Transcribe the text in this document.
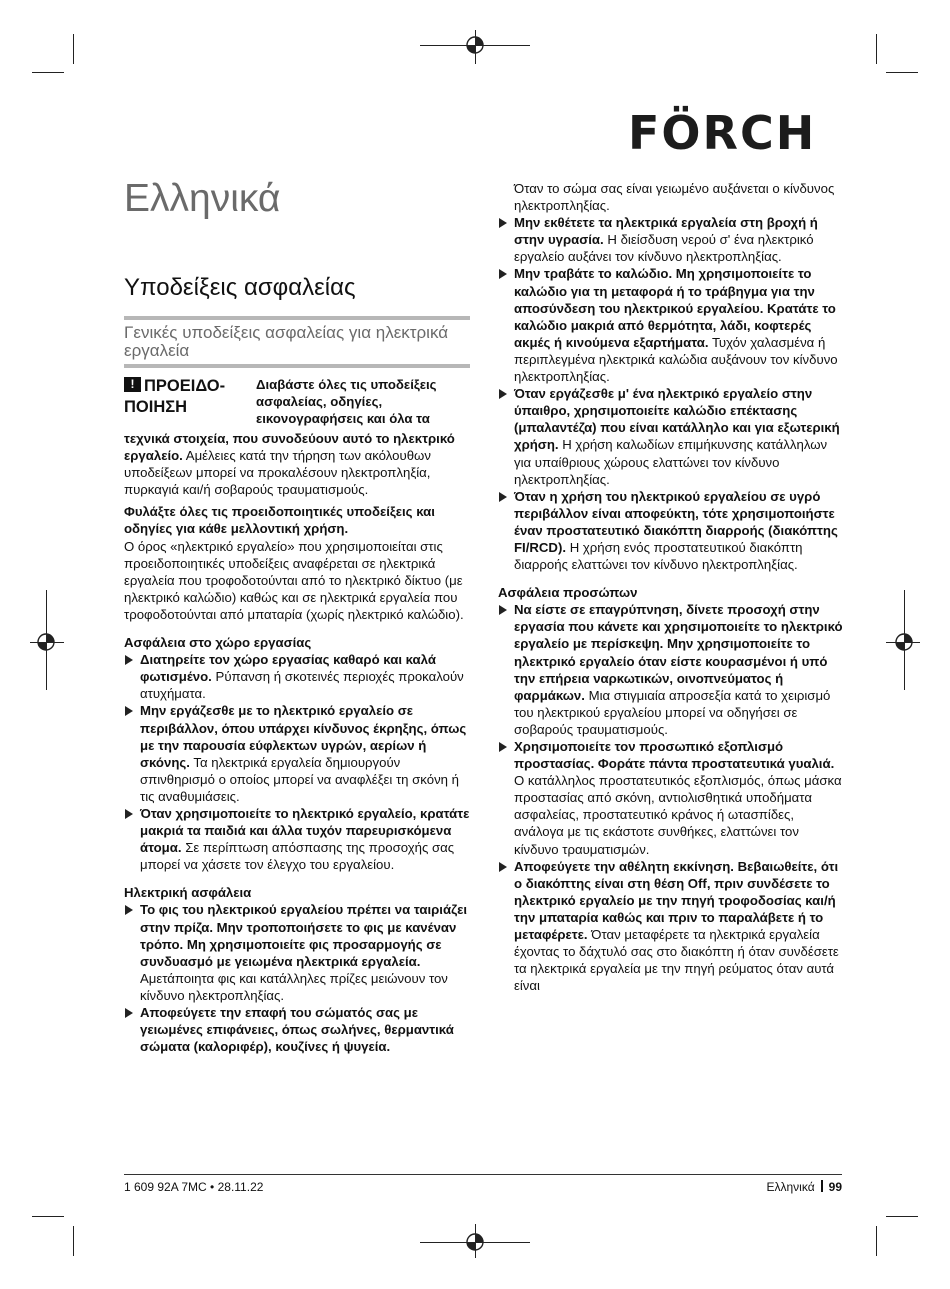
FÖRCH
Ελληνικά
Υποδείξεις ασφαλείας
Γενικές υποδείξεις ασφαλείας για ηλεκτρικά εργαλεία
! ΠΡΟΕΙΔΟ-ΠΟΙΗΣΗ
Διαβάστε όλες τις υποδείξεις ασφαλείας, οδηγίες, εικονογραφήσεις και όλα τα

τεχνικά στοιχεία, που συνοδεύουν αυτό το ηλεκτρικό εργαλείο. Αμέλειες κατά την τήρηση των ακόλουθων υποδείξεων μπορεί να προκαλέσουν ηλεκτροπληξία, πυρκαγιά και/ή σοβαρούς τραυματισμούς.

Φυλάξτε όλες τις προειδοποιητικές υποδείξεις και οδηγίες για κάθε μελλοντική χρήση.

Ο όρος «ηλεκτρικό εργαλείο» που χρησιμοποιείται στις προειδοποιητικές υποδείξεις αναφέρεται σε ηλεκτρικά εργαλεία που τροφοδοτούνται από το ηλεκτρικό δίκτυο (με ηλεκτρικό καλώδιο) καθώς και σε ηλεκτρικά εργαλεία που τροφοδοτούνται από μπαταρία (χωρίς ηλεκτρικό καλώδιο).

Ασφάλεια στο χώρο εργασίας

Διατηρείτε τον χώρο εργασίας καθαρό και καλά φωτισμένο. Ρύπανση ή σκοτεινές περιοχές προκαλούν ατυχήματα.

Μην εργάζεσθε με το ηλεκτρικό εργαλείο σε περιβάλλον, όπου υπάρχει κίνδυνος έκρηξης, όπως με την παρουσία εύφλεκτων υγρών, αερίων ή σκόνης. Τα ηλεκτρικά εργαλεία δημιουργούν σπινθηρισμό ο οποίος μπορεί να αναφλέξει τη σκόνη ή τις αναθυμιάσεις.

Όταν χρησιμοποιείτε το ηλεκτρικό εργαλείο, κρατάτε μακριά τα παιδιά και άλλα τυχόν παρευρισκόμενα άτομα. Σε περίπτωση απόσπασης της προσοχής σας μπορεί να χάσετε τον έλεγχο του εργαλείου.

Ηλεκτρική ασφάλεια

Το φις του ηλεκτρικού εργαλείου πρέπει να ταιριάζει στην πρίζα. Μην τροποποιήσετε το φις με κανέναν τρόπο. Μη χρησιμοποιείτε φις προσαρμογής σε συνδυασμό με γειωμένα ηλεκτρικά εργαλεία. Αμετάποιητα φις και κατάλληλες πρίζες μειώνουν τον κίνδυνο ηλεκτροπληξίας.

Αποφεύγετε την επαφή του σώματός σας με γειωμένες επιφάνειες, όπως σωλήνες, θερμαντικά σώματα (καλοριφέρ), κουζίνες ή ψυγεία.

Όταν το σώμα σας είναι γειωμένο αυξάνεται ο κίνδυνος ηλεκτροπληξίας.

Μην εκθέτετε τα ηλεκτρικά εργαλεία στη βροχή ή στην υγρασία. Η διείσδυση νερού σ' ένα ηλεκτρικό εργαλείο αυξάνει τον κίνδυνο ηλεκτροπληξίας.

Μην τραβάτε το καλώδιο. Μη χρησιμοποιείτε το καλώδιο για τη μεταφορά ή το τράβηγμα για την αποσύνδεση του ηλεκτρικού εργαλείου. Κρατάτε το καλώδιο μακριά από θερμότητα, λάδι, κοφτερές ακμές ή κινούμενα εξαρτήματα. Τυχόν χαλασμένα ή περιπλεγμένα ηλεκτρικά καλώδια αυξάνουν τον κίνδυνο ηλεκτροπληξίας.

Όταν εργάζεσθε μ' ένα ηλεκτρικό εργαλείο στην ύπαιθρο, χρησιμοποιείτε καλώδιο επέκτασης (μπαλαντέζα) που είναι κατάλληλο και για εξωτερική χρήση. Η χρήση καλωδίων επιμήκυνσης κατάλληλων για υπαίθριους χώρους ελαττώνει τον κίνδυνο ηλεκτροπληξίας.

Όταν η χρήση του ηλεκτρικού εργαλείου σε υγρό περιβάλλον είναι αποφεύκτη, τότε χρησιμοποιήστε έναν προστατευτικό διακόπτη διαρροής (διακόπτης FI/RCD). Η χρήση ενός προστατευτικού διακόπτη διαρροής ελαττώνει τον κίνδυνο ηλεκτροπληξίας.

Ασφάλεια προσώπων

Να είστε σε επαγρύπνηση, δίνετε προσοχή στην εργασία που κάνετε και χρησιμοποιείτε το ηλεκτρικό εργαλείο με περίσκεψη. Μην χρησιμοποιείτε το ηλεκτρικό εργαλείο όταν είστε κουρασμένοι ή υπό την επήρεια ναρκωτικών, οινοπνεύματος ή φαρμάκων. Μια στιγμιαία απροσεξία κατά το χειρισμό του ηλεκτρικού εργαλείου μπορεί να οδηγήσει σε σοβαρούς τραυματισμούς.

Χρησιμοποιείτε τον προσωπικό εξοπλισμό προστασίας. Φοράτε πάντα προστατευτικά γυαλιά. Ο κατάλληλος προστατευτικός εξοπλισμός, όπως μάσκα προστασίας από σκόνη, αντιολισθητικά υποδήματα ασφαλείας, προστατευτικό κράνος ή ωτασπίδες, ανάλογα με τις εκάστοτε συνθήκες, ελαττώνει τον κίνδυνο τραυματισμών.

Αποφεύγετε την αθέλητη εκκίνηση. Βεβαιωθείτε, ότι ο διακόπτης είναι στη θέση Off, πριν συνδέσετε το ηλεκτρικό εργαλείο με την πηγή τροφοδοσίας και/ή την μπαταρία καθώς και πριν το παραλάβετε ή το μεταφέρετε. Όταν μεταφέρετε τα ηλεκτρικά εργαλεία έχοντας το δάχτυλό σας στο διακόπτη ή όταν συνδέσετε τα ηλεκτρικά εργαλεία με την πηγή ρεύματος όταν αυτά είναι

1 609 92A 7MC • 28.11.22	Ελληνικά 99
